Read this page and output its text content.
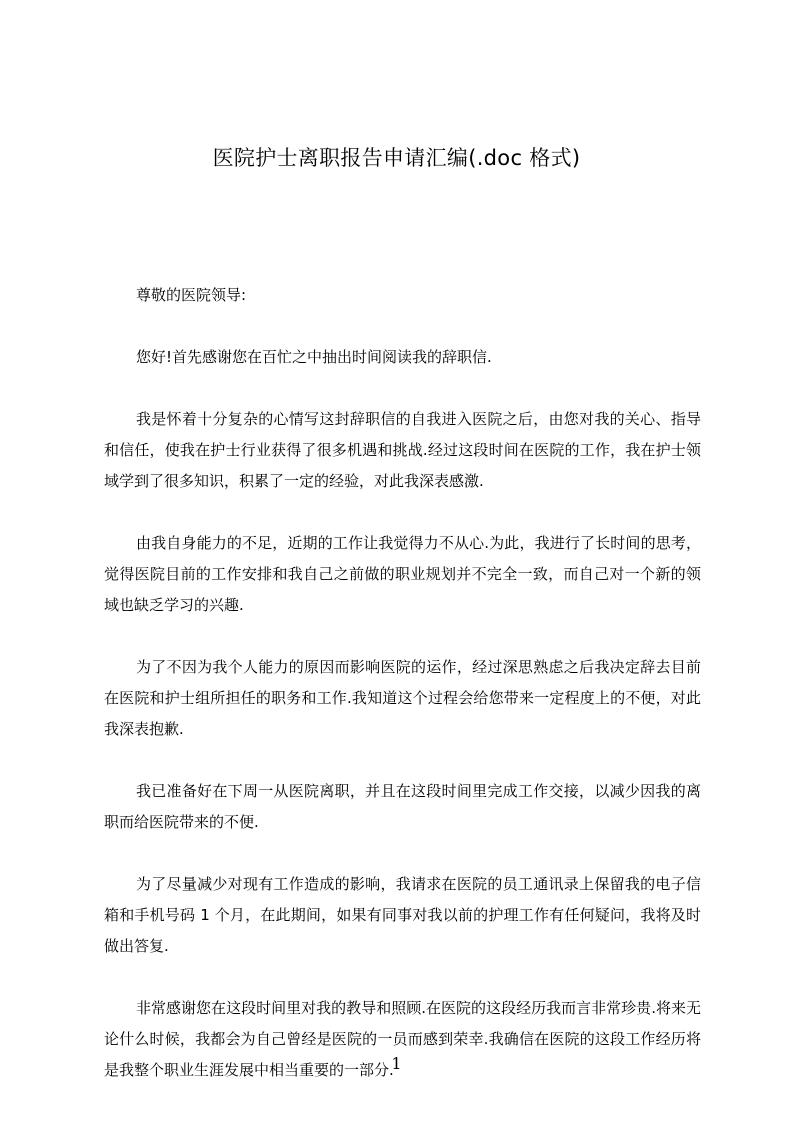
医院护士离职报告申请汇编(.doc 格式)

尊敬的医院领导:

您好!首先感谢您在百忙之中抽出时间阅读我的辞职信.

我是怀着十分复杂的心情写这封辞职信的自我进入医院之后，由您对我的关心、指导和信任，使我在护士行业获得了很多机遇和挑战.经过这段时间在医院的工作，我在护士领域学到了很多知识，积累了一定的经验，对此我深表感激.

由我自身能力的不足，近期的工作让我觉得力不从心.为此，我进行了长时间的思考，觉得医院目前的工作安排和我自己之前做的职业规划并不完全一致，而自己对一个新的领域也缺乏学习的兴趣.

为了不因为我个人能力的原因而影响医院的运作，经过深思熟虑之后我决定辞去目前在医院和护士组所担任的职务和工作.我知道这个过程会给您带来一定程度上的不便，对此我深表抱歉.

我已准备好在下周一从医院离职，并且在这段时间里完成工作交接，以减少因我的离职而给医院带来的不便.

为了尽量减少对现有工作造成的影响，我请求在医院的员工通讯录上保留我的电子信箱和手机号码 1 个月，在此期间，如果有同事对我以前的护理工作有任何疑问，我将及时做出答复.

非常感谢您在这段时间里对我的教导和照顾.在医院的这段经历我而言非常珍贵.将来无论什么时候，我都会为自己曾经是医院的一员而感到荣幸.我确信在医院的这段工作经历将是我整个职业生涯发展中相当重要的一部分.

1
